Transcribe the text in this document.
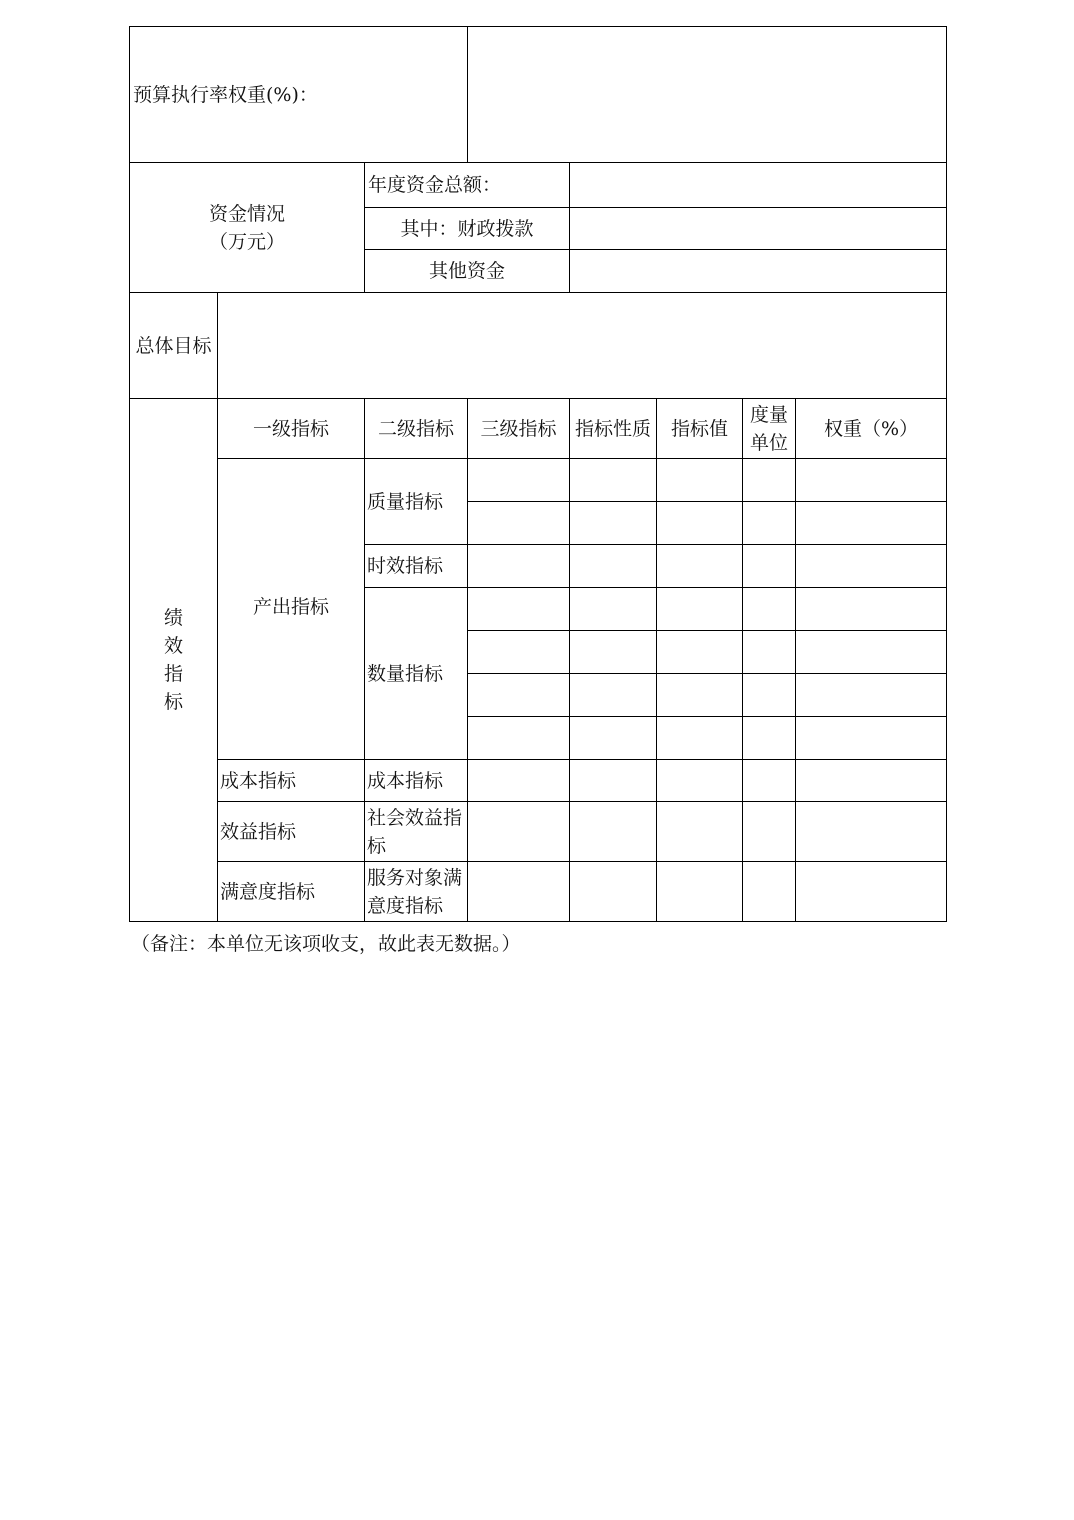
预算执行率权重(%)：							

资金情况
（万元）		年度资金总额：					
		其中：财政拨款					
		其他资金					
总体目标							

绩
效
指
标	一级指标	二级指标	三级指标	指标性质	指标值	度量
单位	权重（%）
	产出指标	质量指标					

		时效指标					
		数量指标					

	成本指标	成本指标					
	效益指标	社会效益指
标					

	满意度指标	服务对象满
意度指标					

（备注：本单位无该项收支，故此表无数据。）
